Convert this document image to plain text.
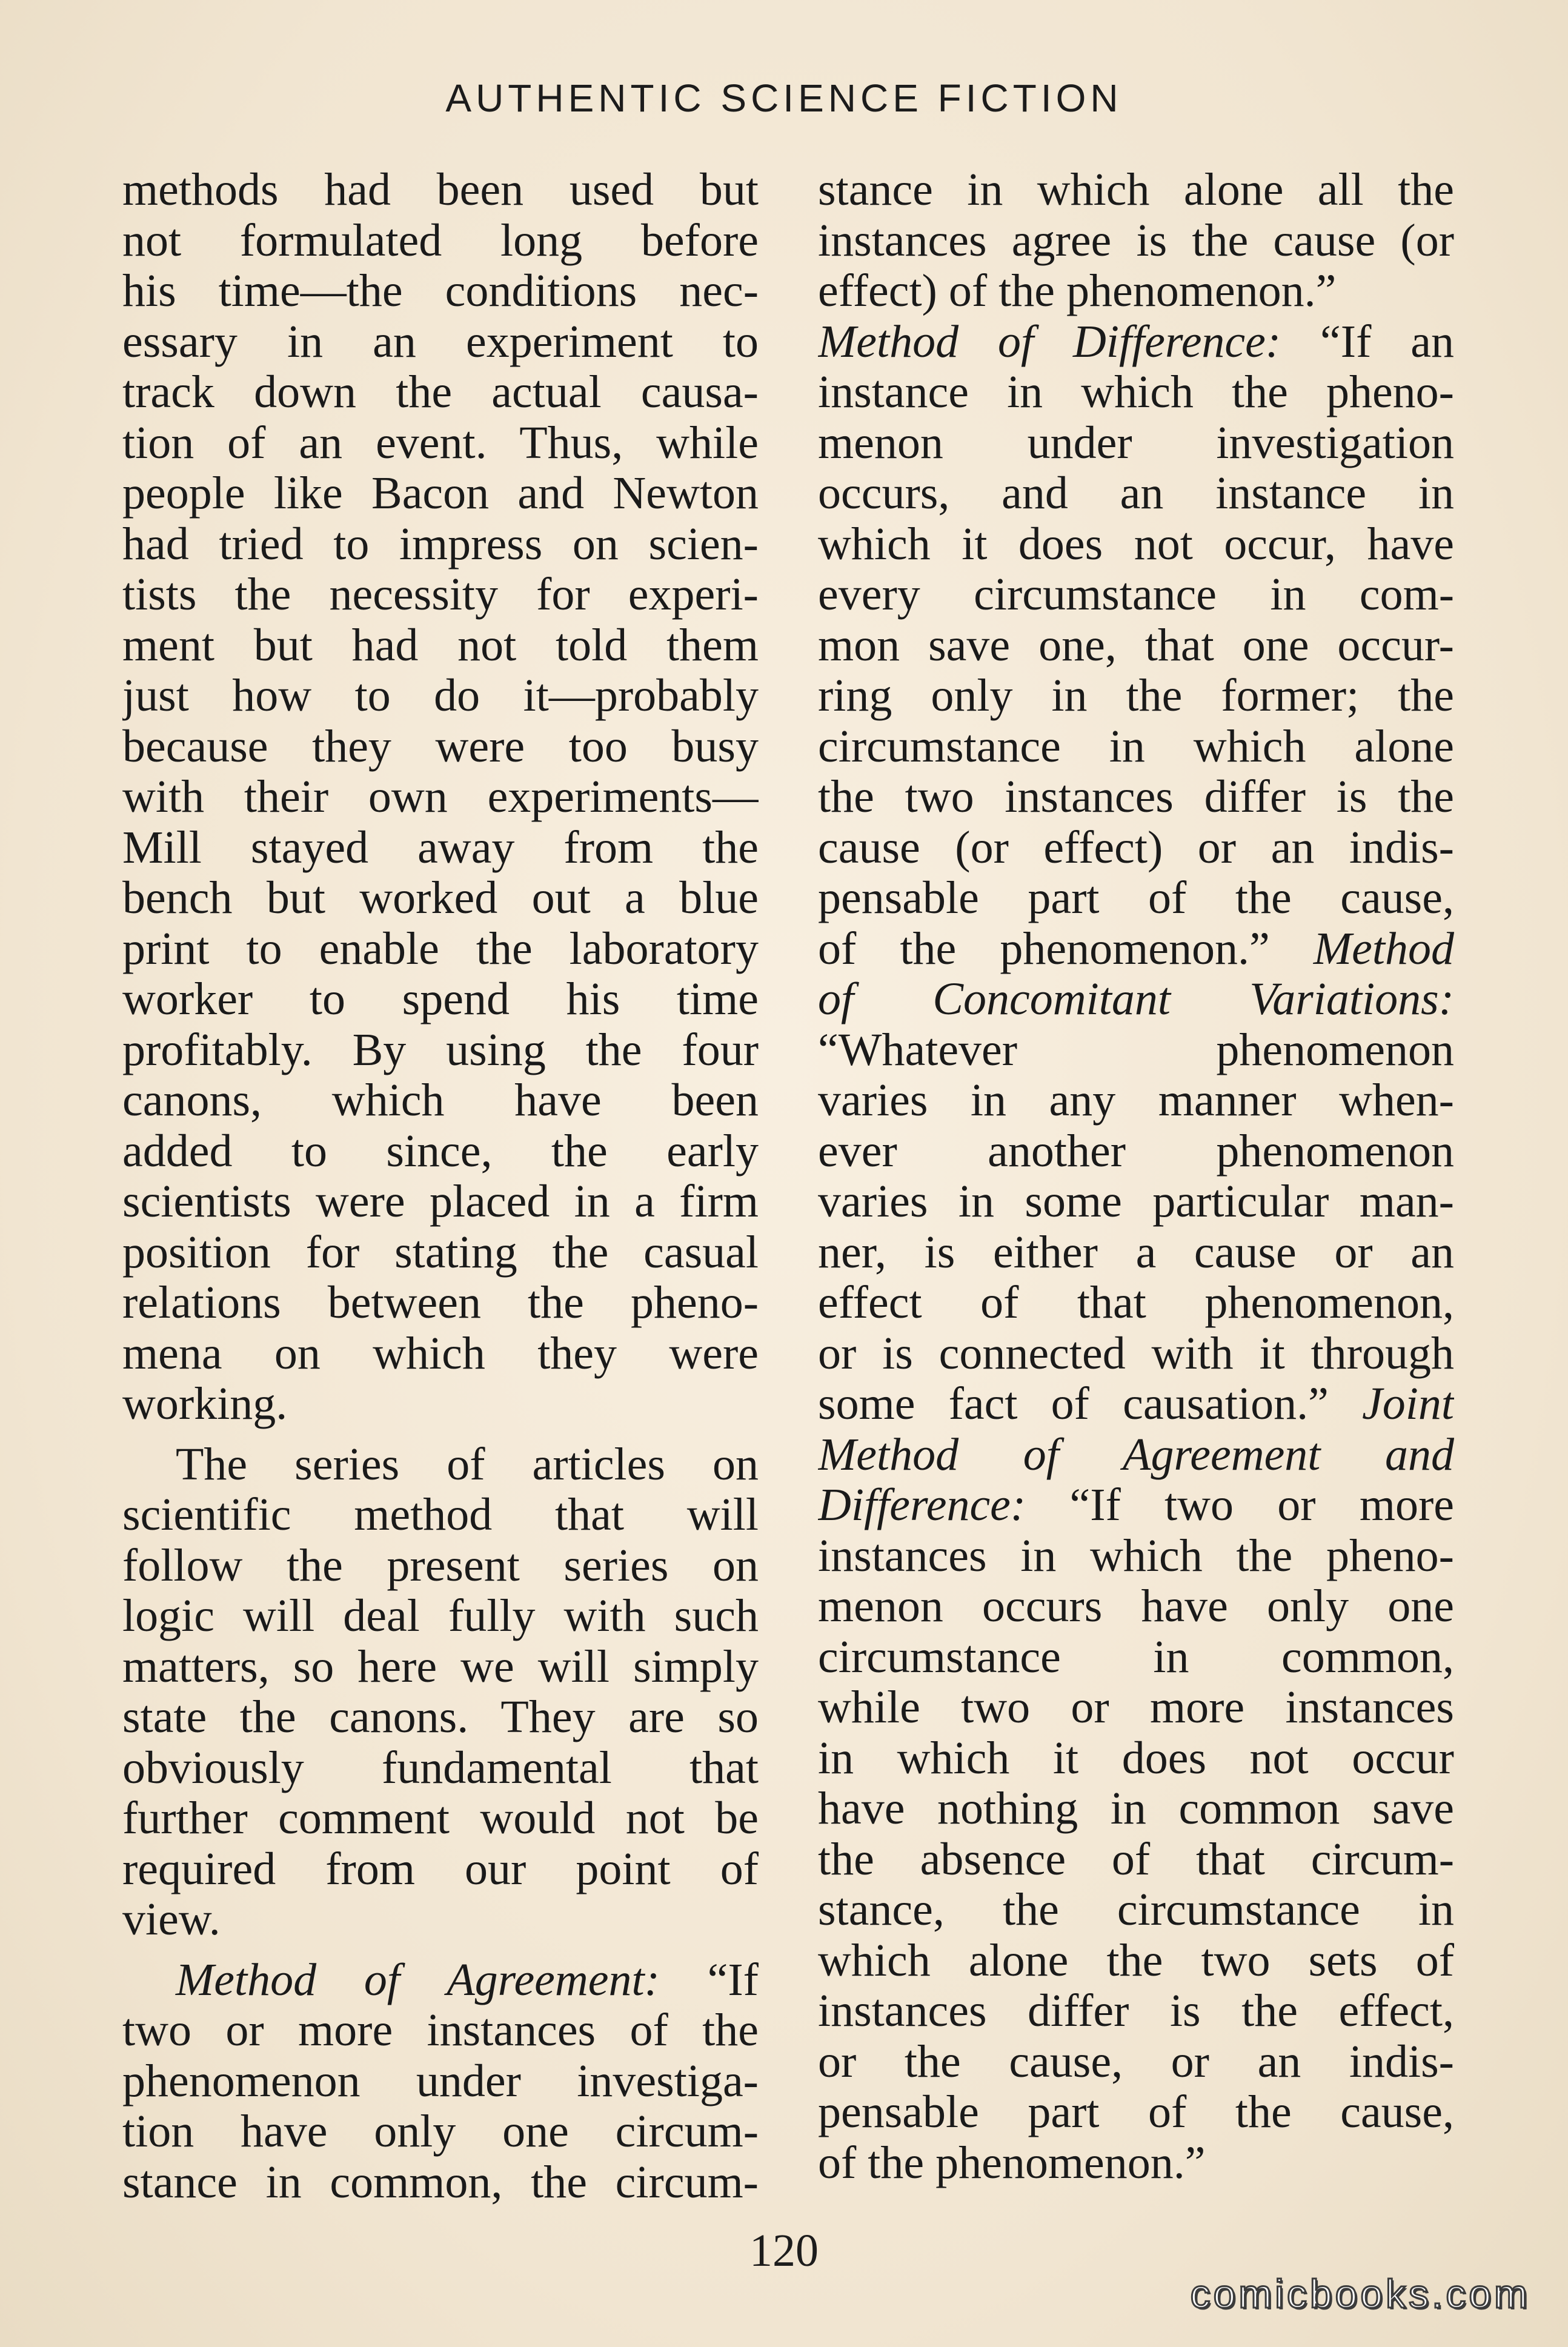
AUTHENTIC SCIENCE FICTION
methods had been used but
not formulated long before
his time—the conditions nec-
essary in an experiment to
track down the actual causa-
tion of an event. Thus, while
people like Bacon and Newton
had tried to impress on scien-
tists the necessity for experi-
ment but had not told them
just how to do it—probably
because they were too busy
with their own experiments—
Mill stayed away from the
bench but worked out a blue
print to enable the laboratory
worker to spend his time
profitably. By using the four
canons, which have been
added to since, the early
scientists were placed in a firm
position for stating the casual
relations between the pheno-
mena on which they were
working.
The series of articles on
scientific method that will
follow the present series on
logic will deal fully with such
matters, so here we will simply
state the canons. They are so
obviously fundamental that
further comment would not be
required from our point of
view.
Method of Agreement: “If
two or more instances of the
phenomenon under investiga-
tion have only one circum-
stance in common, the circum-
stance in which alone all the
instances agree is the cause (or
effect) of the phenomenon.”
Method of Difference: “If an
instance in which the pheno-
menon under investigation
occurs, and an instance in
which it does not occur, have
every circumstance in com-
mon save one, that one occur-
ring only in the former; the
circumstance in which alone
the two instances differ is the
cause (or effect) or an indis-
pensable part of the cause,
of the phenomenon.” Method
of Concomitant Variations:
“Whatever phenomenon
varies in any manner when-
ever another phenomenon
varies in some particular man-
ner, is either a cause or an
effect of that phenomenon,
or is connected with it through
some fact of causation.” Joint
Method of Agreement and
Difference: “If two or more
instances in which the pheno-
menon occurs have only one
circumstance in common,
while two or more instances
in which it does not occur
have nothing in common save
the absence of that circum-
stance, the circumstance in
which alone the two sets of
instances differ is the effect,
or the cause, or an indis-
pensable part of the cause,
of the phenomenon.”
120
comicbooks.com
